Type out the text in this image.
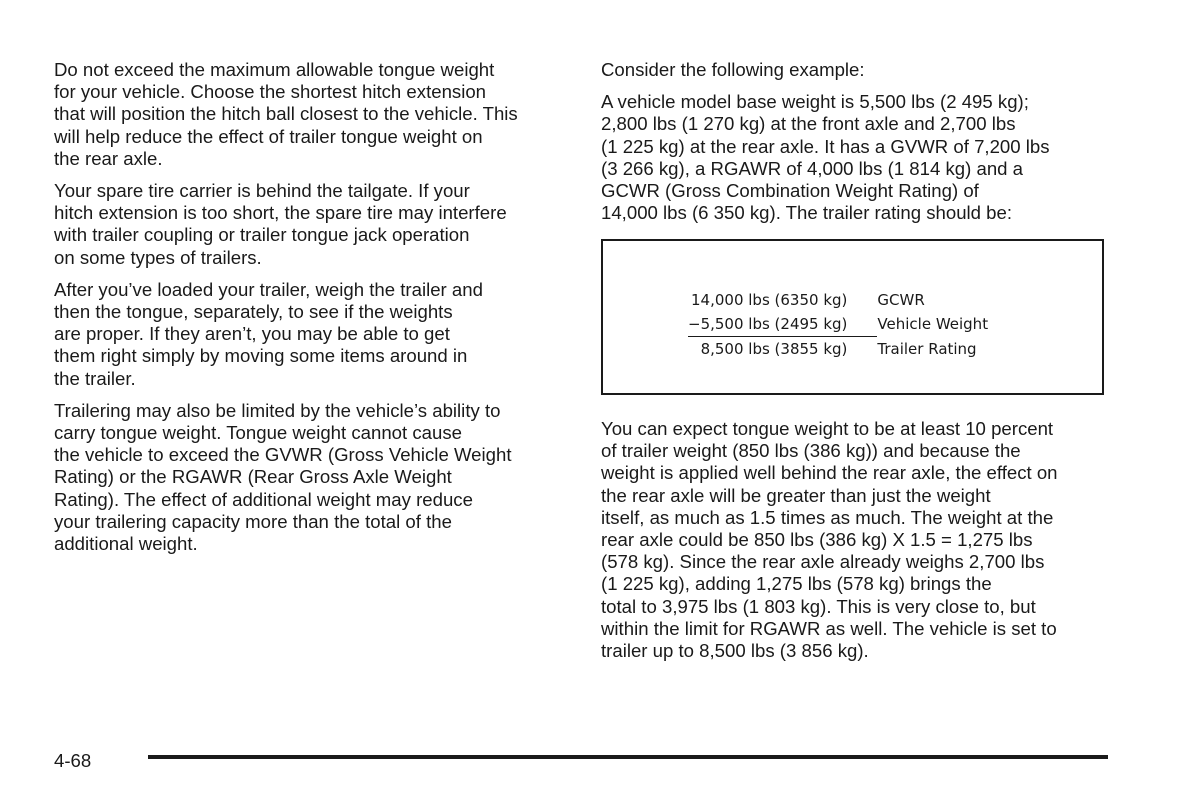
Do not exceed the maximum allowable tongue weight
for your vehicle. Choose the shortest hitch extension
that will position the hitch ball closest to the vehicle. This
will help reduce the effect of trailer tongue weight on
the rear axle.

Your spare tire carrier is behind the tailgate. If your
hitch extension is too short, the spare tire may interfere
with trailer coupling or trailer tongue jack operation
on some types of trailers.

After you’ve loaded your trailer, weigh the trailer and
then the tongue, separately, to see if the weights
are proper. If they aren’t, you may be able to get
them right simply by moving some items around in
the trailer.

Trailering may also be limited by the vehicle’s ability to
carry tongue weight. Tongue weight cannot cause
the vehicle to exceed the GVWR (Gross Vehicle Weight
Rating) or the RGAWR (Rear Gross Axle Weight
Rating). The effect of additional weight may reduce
your trailering capacity more than the total of the
additional weight.

Consider the following example:

A vehicle model base weight is 5,500 lbs (2 495 kg);
2,800 lbs (1 270 kg) at the front axle and 2,700 lbs
(1 225 kg) at the rear axle. It has a GVWR of 7,200 lbs
(3 266 kg), a RGAWR of 4,000 lbs (1 814 kg) and a
GCWR (Gross Combination Weight Rating) of
14,000 lbs (6 350 kg). The trailer rating should be:

14,000 lbs (6350 kg)	GCWR
−5,500 lbs (2495 kg)	Vehicle Weight
8,500 lbs (3855 kg)	Trailer Rating

You can expect tongue weight to be at least 10 percent
of trailer weight (850 lbs (386 kg)) and because the
weight is applied well behind the rear axle, the effect on
the rear axle will be greater than just the weight
itself, as much as 1.5 times as much. The weight at the
rear axle could be 850 lbs (386 kg) X 1.5 = 1,275 lbs
(578 kg). Since the rear axle already weighs 2,700 lbs
(1 225 kg), adding 1,275 lbs (578 kg) brings the
total to 3,975 lbs (1 803 kg). This is very close to, but
within the limit for RGAWR as well. The vehicle is set to
trailer up to 8,500 lbs (3 856 kg).

4-68
